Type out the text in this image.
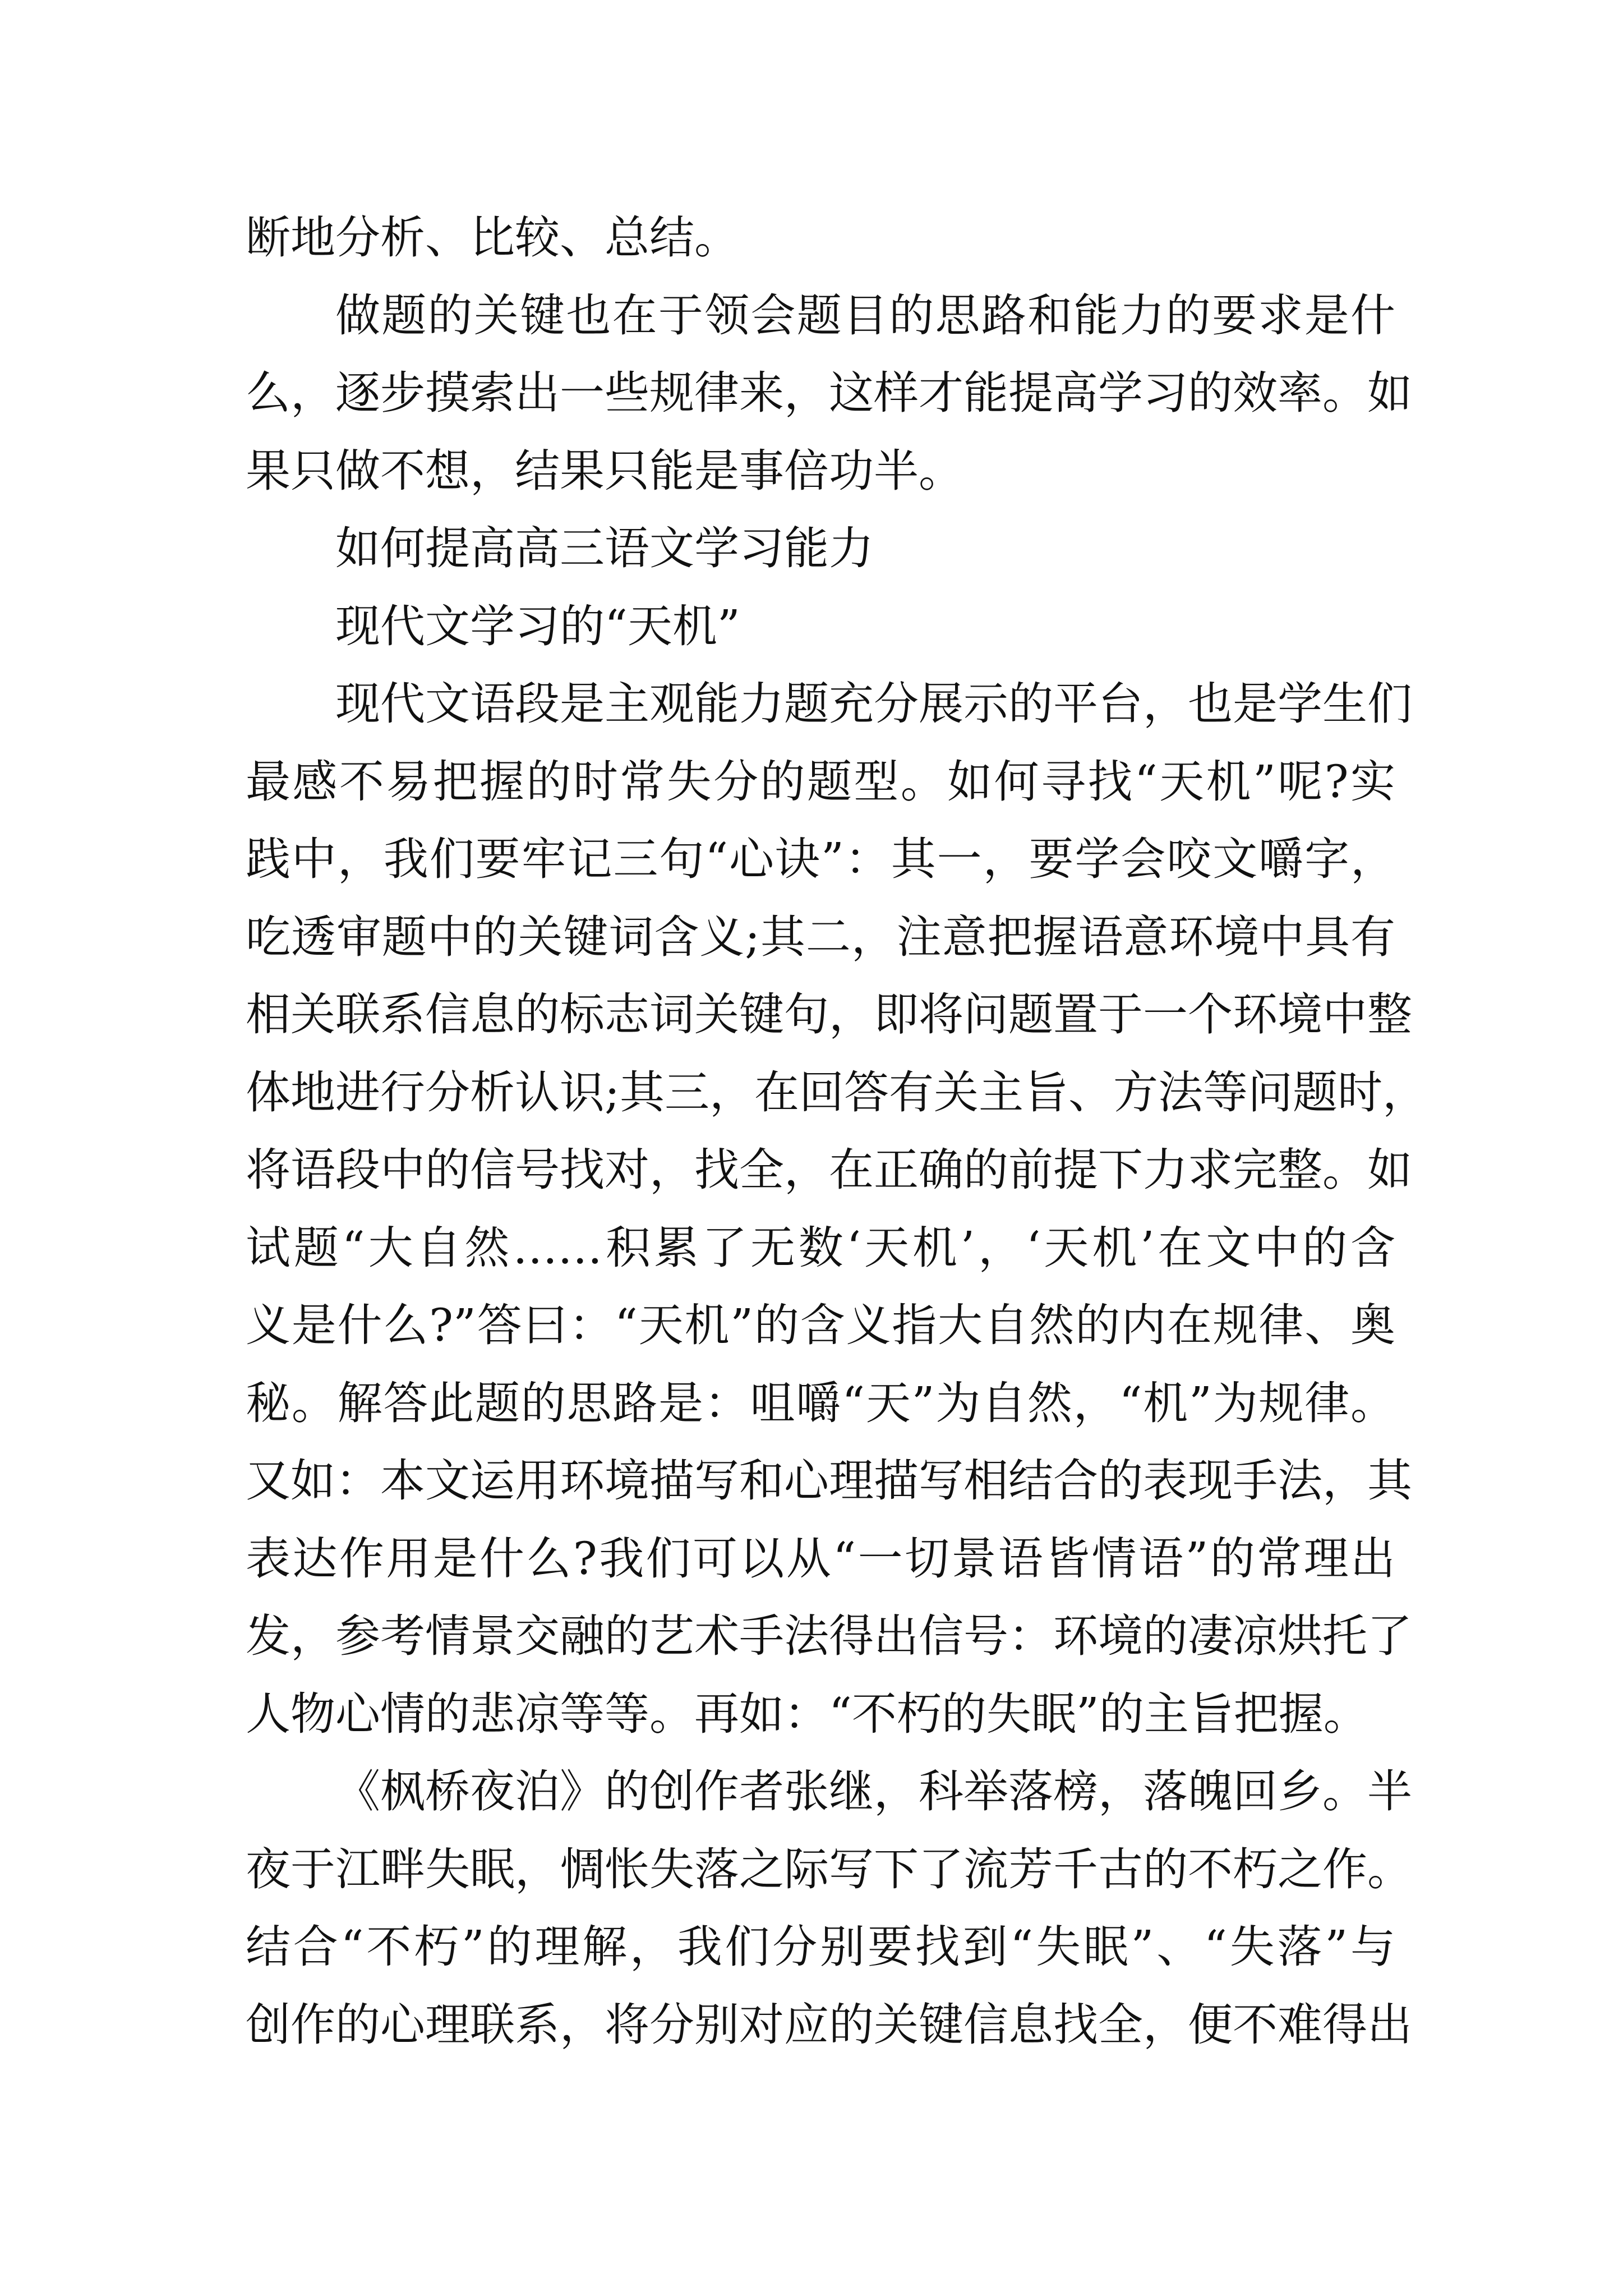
断地分析、比较、总结。
做题的关键也在于领会题目的思路和能力的要求是什
么，逐步摸索出一些规律来，这样才能提高学习的效率。如
果只做不想，结果只能是事倍功半。
如何提高高三语文学习能力
现代文学习的“天机”
现代文语段是主观能力题充分展示的平台，也是学生们
最感不易把握的时常失分的题型。如何寻找“天机”呢?实
践中，我们要牢记三句“心诀”：其一，要学会咬文嚼字，
吃透审题中的关键词含义;其二，注意把握语意环境中具有
相关联系信息的标志词关键句，即将问题置于一个环境中整
体地进行分析认识;其三，在回答有关主旨、方法等问题时，
将语段中的信号找对，找全，在正确的前提下力求完整。如
试题“大自然……积累了无数‘天机’，‘天机’在文中的含
义是什么?”答曰：“天机”的含义指大自然的内在规律、奥
秘。解答此题的思路是：咀嚼“天”为自然，“机”为规律。
又如：本文运用环境描写和心理描写相结合的表现手法，其
表达作用是什么?我们可以从“一切景语皆情语”的常理出
发，参考情景交融的艺术手法得出信号：环境的凄凉烘托了
人物心情的悲凉等等。再如：“不朽的失眠”的主旨把握。
《枫桥夜泊》的创作者张继，科举落榜，落魄回乡。半
夜于江畔失眠，惆怅失落之际写下了流芳千古的不朽之作。
结合“不朽”的理解，我们分别要找到“失眠”、“失落”与
创作的心理联系，将分别对应的关键信息找全，便不难得出
